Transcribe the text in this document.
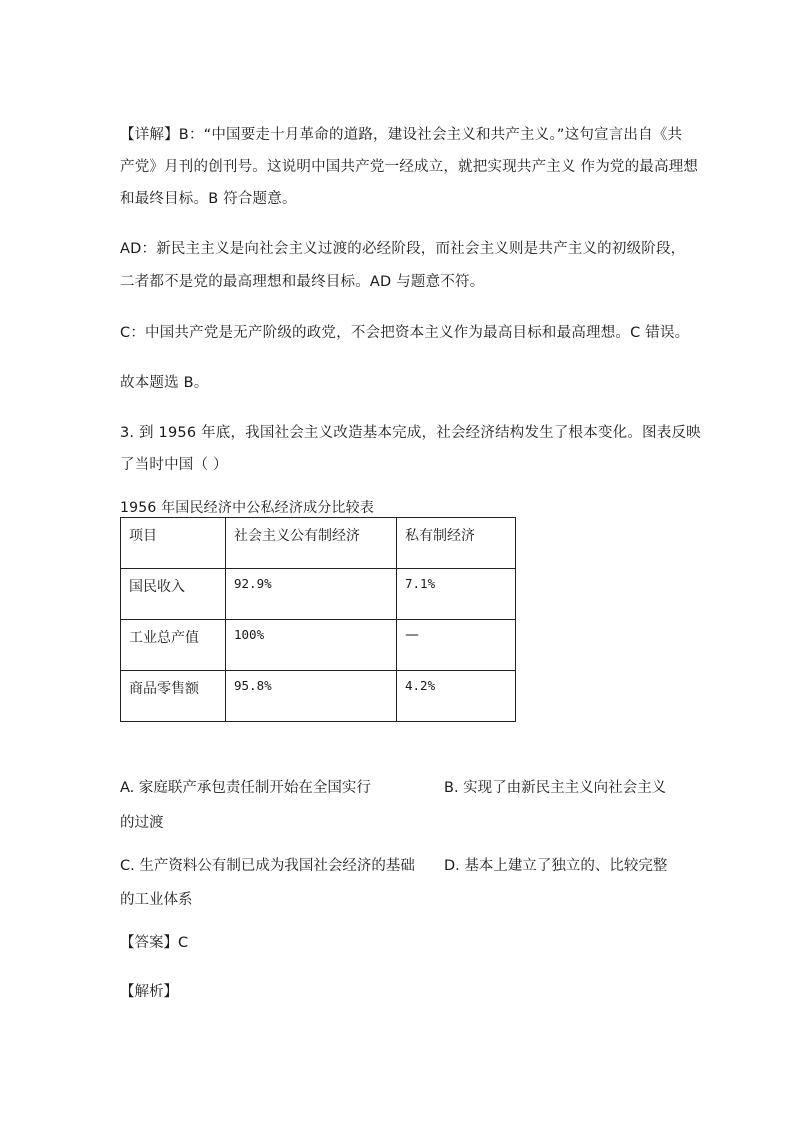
【详解】B：“中国要走十月革命的道路，建设社会主义和共产主义。”这句宣言出自《共
产党》月刊的创刊号。这说明中国共产党一经成立，就把实现共产主义 作为党的最高理想
和最终目标。B 符合题意。
AD：新民主主义是向社会主义过渡的必经阶段，而社会主义则是共产主义的初级阶段，
二者都不是党的最高理想和最终目标。AD 与题意不符。
C：中国共产党是无产阶级的政党，不会把资本主义作为最高目标和最高理想。C 错误。
故本题选 B。
3. 到 1956 年底，我国社会主义改造基本完成，社会经济结构发生了根本变化。图表反映
了当时中国（ ）
1956 年国民经济中公私经济成分比较表
项目	社会主义公有制经济	私有制经济
国民收入	92.9%	7.1%
工业总产值	100%	—
商品零售额	95.8%	4.2%
A. 家庭联产承包责任制开始在全国实行	B. 实现了由新民主主义向社会主义
的过渡
C. 生产资料公有制已成为我国社会经济的基础 D. 基本上建立了独立的、比较完整
的工业体系
【答案】C
【解析】
